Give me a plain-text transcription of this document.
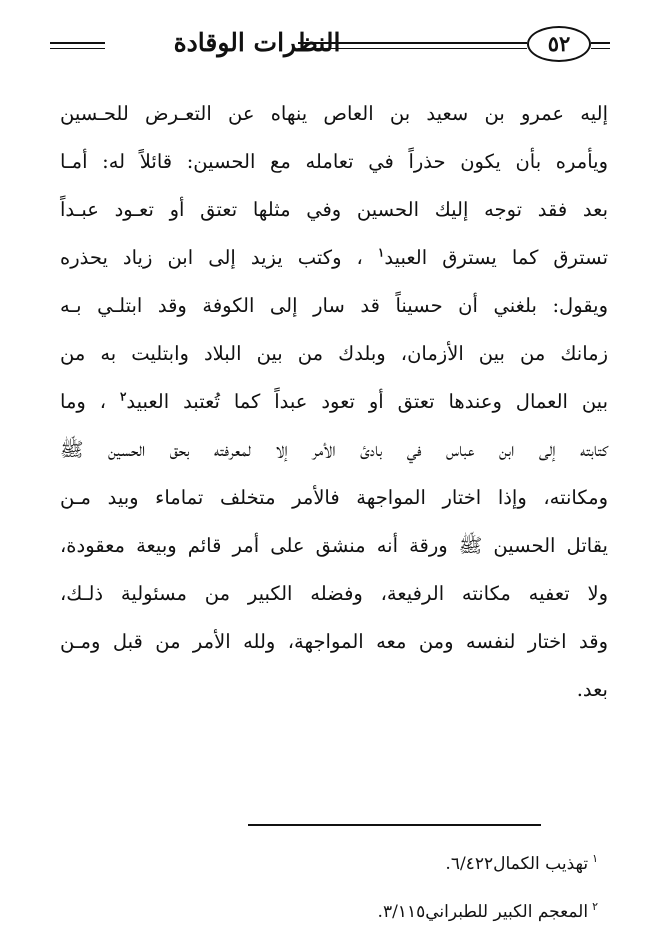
النظرات الوقادة	٥٢
إليه عمرو بن سعيد بن العاص ينهاه عن التعـرض للحـسين
ويأمره بأن يكون حذراً في تعامله مع الحسين: قائلاً له: أمـا
بعد فقد توجه إليك الحسين وفي مثلها تعتق أو تعـود عبـداً
تسترق كما يسترق العبيد$^١$ ، وكتب يزيد إلى ابن زياد يحذره
ويقول: بلغني أن حسيناً قد سار إلى الكوفة وقد ابتلـي بـه
زمانك من بين الأزمان، وبلدك من بين البلاد وابتليت به من
بين العمال وعندها تعتق أو تعود عبداً كما تُعتبد العبيد$^٢$ ، وما
كتابته إلى ابن عباس في بادئ الأمر إلا لمعرفته بحق الحسين ﷺ
ومكانته، وإذا اختار المواجهة فالأمر متخلف تماماء وبيد مـن
يقاتل الحسين ﷺ ورقة أنه منشق على أمر قائم وبيعة معقودة،
ولا تعفيه مكانته الرفيعة، وفضله الكبير من مسئولية ذلـك،
وقد اختار لنفسه ومن معه المواجهة، ولله الأمر من قبل ومـن
بعد.
$^١$تهذيب الكمال٦/٤٢٢.
$^٢$المعجم الكبير للطبراني٣/١١٥.
